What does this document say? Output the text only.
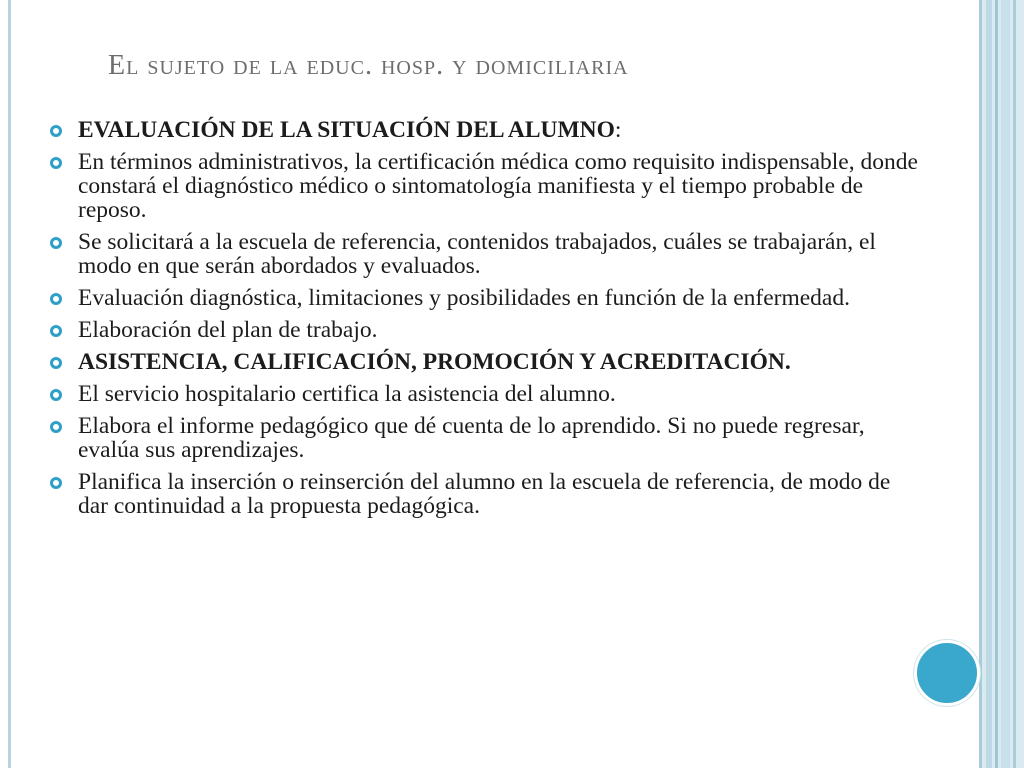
El sujeto de la educ. hosp. y domiciliaria
EVALUACIÓN DE LA SITUACIÓN DEL ALUMNO:
En términos administrativos, la certificación médica como requisito indispensable, donde constará el diagnóstico médico o sintomatología manifiesta y el tiempo probable de reposo.
Se solicitará a la escuela de referencia, contenidos trabajados, cuáles se trabajarán, el modo en que serán abordados y evaluados.
Evaluación diagnóstica, limitaciones y posibilidades en función de la enfermedad.
Elaboración del plan de trabajo.
ASISTENCIA, CALIFICACIÓN, PROMOCIÓN Y ACREDITACIÓN.
El servicio hospitalario certifica la asistencia del alumno.
Elabora el informe pedagógico que dé cuenta de lo aprendido. Si no puede regresar, evalúa sus aprendizajes.
Planifica la inserción o reinserción del alumno en la escuela de referencia, de modo de dar continuidad a la propuesta pedagógica.
